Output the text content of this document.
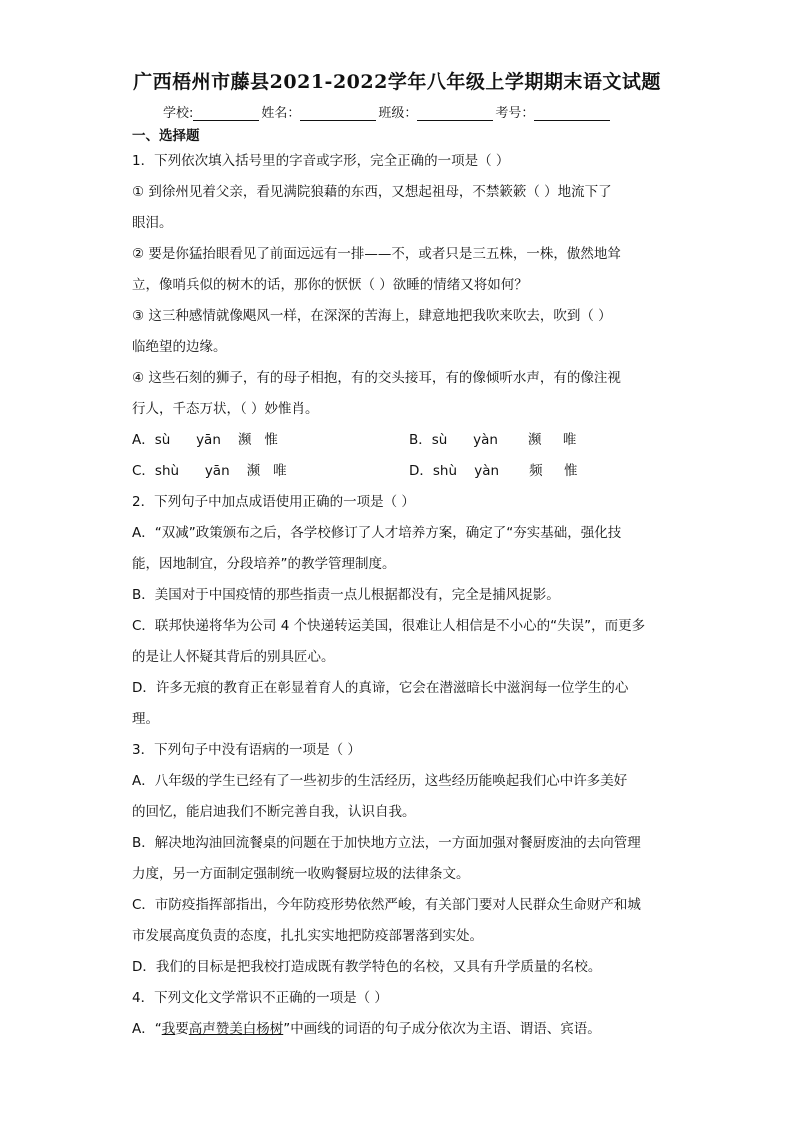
广西梧州市藤县2021-2022学年八年级上学期期末语文试题
学校:	姓名：	班级：	考号：
一、选择题
1．下列依次填入括号里的字音或字形，完全正确的一项是（ ）
① 到徐州见着父亲，看见满院狼藉的东西，又想起祖母，不禁簌簌（ ）地流下了
眼泪。
② 要是你猛抬眼看见了前面远远有一排——不，或者只是三五株，一株，傲然地耸
立，像哨兵似的树木的话，那你的恹恹（ ）欲睡的情绪又将如何？
③ 这三种感情就像飓风一样，在深深的苦海上，肆意地把我吹来吹去，吹到（ ）
临绝望的边缘。
④ 这些石刻的狮子，有的母子相抱，有的交头接耳，有的像倾听水声，有的像注视
行人，千态万状，（ ）妙惟肖。
A．sù      yān    濒   惟	B．sù      yàn       濒     唯
C．shù      yān    濒   唯	D．shù    yàn       频     惟
2．下列句子中加点成语使用正确的一项是（ ）
A．“双减”政策颁布之后，各学校修订了人才培养方案，确定了“夯实基础，强化技
能，因地制宜，分段培养”的教学管理制度。
B．美国对于中国疫情的那些指责一点儿根据都没有，完全是捕风捉影。
C．联邦快递将华为公司 4 个快递转运美国，很难让人相信是不小心的“失误”，而更多
的是让人怀疑其背后的别具匠心。
D．许多无痕的教育正在彰显着育人的真谛，它会在潜滋暗长中滋润每一位学生的心
理。
3．下列句子中没有语病的一项是（ ）
A．八年级的学生已经有了一些初步的生活经历，这些经历能唤起我们心中许多美好
的回忆，能启迪我们不断完善自我，认识自我。
B．解决地沟油回流餐桌的问题在于加快地方立法，一方面加强对餐厨废油的去向管理
力度，另一方面制定强制统一收购餐厨垃圾的法律条文。
C．市防疫指挥部指出，今年防疫形势依然严峻，有关部门要对人民群众生命财产和城
市发展高度负责的态度，扎扎实实地把防疫部署落到实处。
D．我们的目标是把我校打造成既有教学特色的名校，又具有升学质量的名校。
4．下列文化文学常识不正确的一项是（ ）
A．“我要高声赞美白杨树”中画线的词语的句子成分依次为主语、谓语、宾语。
